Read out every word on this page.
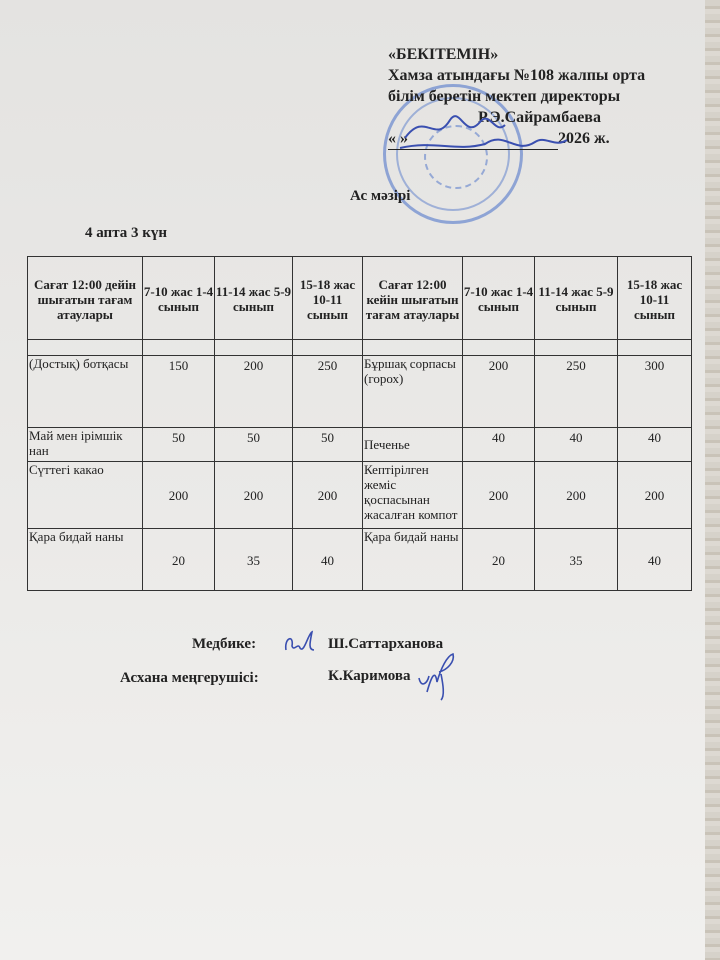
«БЕКІТЕМІН»
Хамза атындағы №108 жалпы орта
білім беретін мектеп директоры
Р.Э.Сайрамбаева
« »	2026 ж.
Ас мәзірі
4 апта 3 күн
Сағат 12:00 дейін шығатын тағам атаулары	7-10 жас 1-4 сынып	11-14 жас 5-9 сынып	15-18 жас 10-11 сынып	Сағат 12:00 кейін шығатын тағам атаулары	7-10 жас 1-4 сынып	11-14 жас 5-9 сынып	15-18 жас 10-11 сынып

(Достық) ботқасы	150	200	250	Бұршақ сорпасы (горох)	200	250	300
Май мен ірімшік нан	50	50	50	Печенье	40	40	40
Сүттегі какао	200	200	200	Кептірілген жеміс қоспасынан жасалған компот	200	200	200
Қара бидай наны	20	35	40	Қара бидай наны	20	35	40
Медбике:	Ш.Саттарханова
Асхана меңгерушісі:	К.Каримова
